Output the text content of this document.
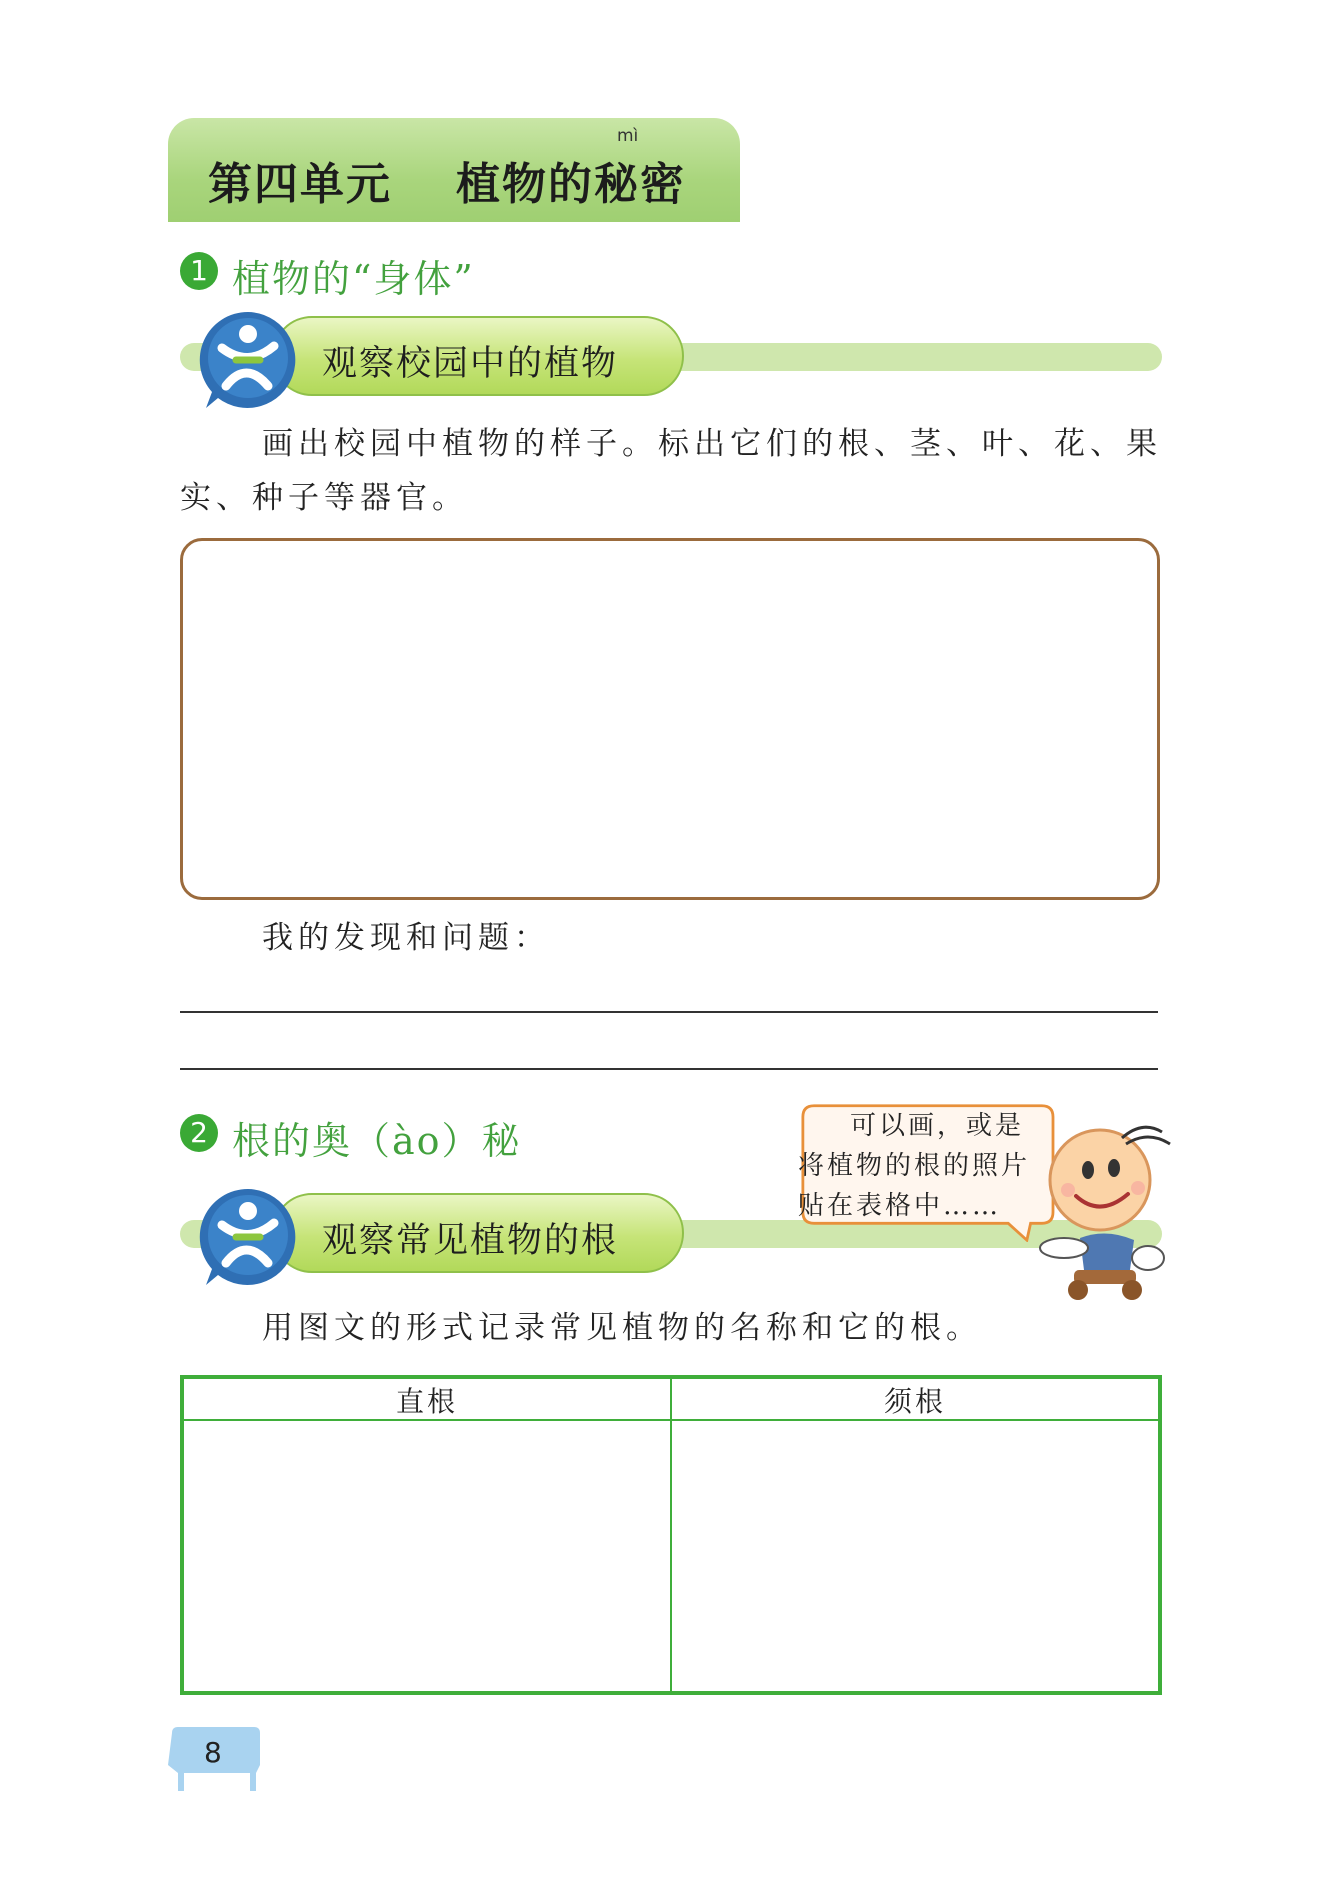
第四单元 植物的秘密
mì
1 植物的“身体”
观察校园中的植物
画出校园中植物的样子。标出它们的根、茎、叶、花、果
实、种子等器官。
我的发现和问题：
2 根的奥（ào）秘
观察常见植物的根
可以画，或是
将植物的根的照片
贴在表格中……
用图文的形式记录常见植物的名称和它的根。
直根	须根
8
